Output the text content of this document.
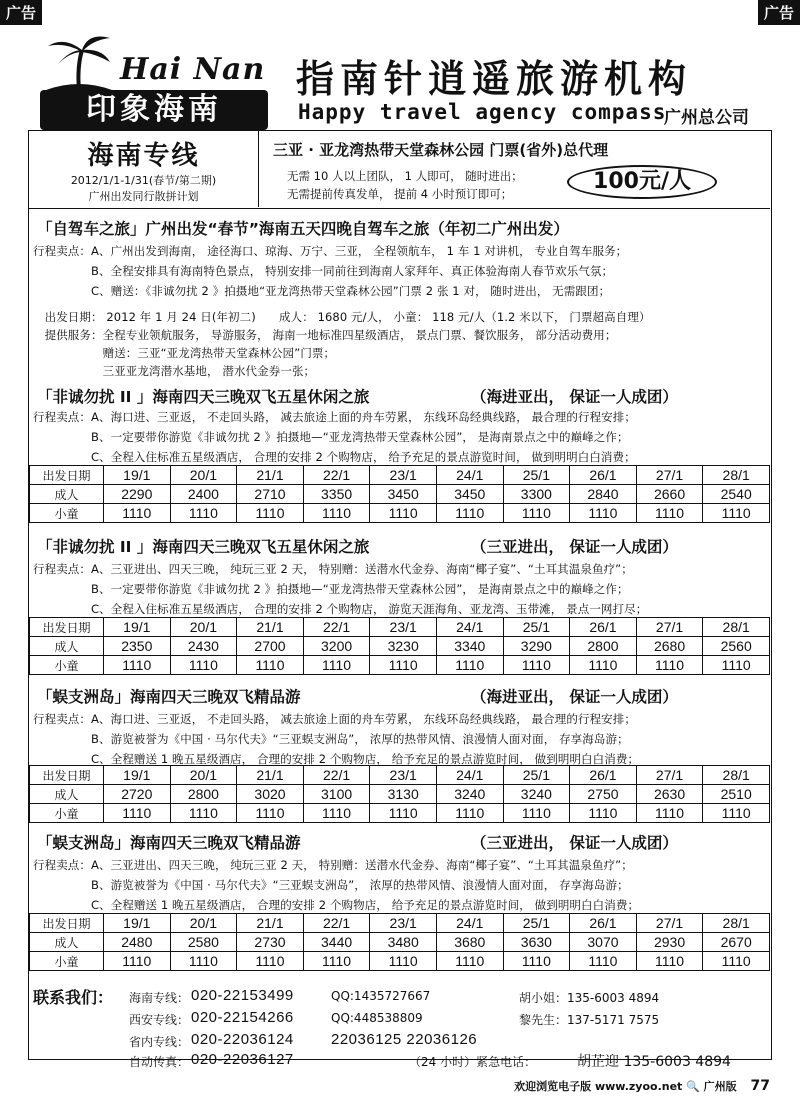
广告	广告
Hai Nan
印象海南
指南针逍遥旅游机构
Happy travel agency compass
广州总公司
海南专线
2012/1/1-1/31(春节/第二期)
广州出发同行散拼计划
三亚 · 亚龙湾热带天堂森林公园 门票(省外)总代理
无需 10 人以上团队， 1 人即可， 随时进出；
无需提前传真发单， 提前 4 小时预订即可；	100元/人
「自驾车之旅」广州出发“春节”海南五天四晚自驾车之旅（年初二广州出发）
行程卖点：A、广州出发到海南， 途径海口、琼海、万宁、三亚， 全程领航车， 1 车 1 对讲机， 专业自驾车服务；
　　　　　B、全程安排具有海南特色景点， 特别安排一同前往到海南人家拜年、真正体验海南人春节欢乐气氛；
　　　　　C、赠送：《非诚勿扰 2 》拍摄地“亚龙湾热带天堂森林公园”门票 2 张 1 对， 随时进出， 无需跟团；
　出发日期： 2012 年 1 月 24 日(年初二)　　成人： 1680 元/人， 小童： 118 元/人（1.2 米以下， 门票超高自理）
　提供服务：全程专业领航服务， 导游服务， 海南一地标准四星级酒店， 景点门票、餐饮服务， 部分活动费用；
　　　　　　赠送：三亚“亚龙湾热带天堂森林公园”门票；
　　　　　　三亚亚龙湾潜水基地， 潜水代金券一张；
「非诚勿扰 II 」海南四天三晚双飞五星休闲之旅	（海进亚出， 保证一人成团）
行程卖点：A、海口进、三亚返， 不走回头路， 减去旅途上面的舟车劳累， 东线环岛经典线路， 最合理的行程安排；
　　　　　B、一定要带你游览《非诚勿扰 2 》拍摄地—“亚龙湾热带天堂森林公园”， 是海南景点之中的巅峰之作；
　　　　　C、全程入住标准五星级酒店， 合理的安排 2 个购物店， 给予充足的景点游览时间， 做到明明白白消费；
出发日期	19/1	20/1	21/1	22/1	23/1	24/1	25/1	26/1	27/1	28/1
成人	2290	2400	2710	3350	3450	3450	3300	2840	2660	2540
小童	1110	1110	1110	1110	1110	1110	1110	1110	1110	1110
「非诚勿扰 II 」海南四天三晚双飞五星休闲之旅	（三亚进出， 保证一人成团）
行程卖点：A、三亚进出、四天三晚， 纯玩三亚 2 天， 特别赠：送潜水代金券、海南“椰子宴”、“土耳其温泉鱼疗”；
　　　　　B、一定要带你游览《非诚勿扰 2 》拍摄地—“亚龙湾热带天堂森林公园”， 是海南景点之中的巅峰之作；
　　　　　C、全程入住标准五星级酒店， 合理的安排 2 个购物店， 游览天涯海角、亚龙湾、玉带滩， 景点一网打尽；
出发日期	19/1	20/1	21/1	22/1	23/1	24/1	25/1	26/1	27/1	28/1
成人	2350	2430	2700	3200	3230	3340	3290	2800	2680	2560
小童	1110	1110	1110	1110	1110	1110	1110	1110	1110	1110
「蜈支洲岛」海南四天三晚双飞精品游	（海进亚出， 保证一人成团）
行程卖点：A、海口进、三亚返， 不走回头路， 减去旅途上面的舟车劳累， 东线环岛经典线路， 最合理的行程安排；
　　　　　B、游览被誉为《中国 · 马尔代夫》“三亚蜈支洲岛”， 浓厚的热带风情、浪漫情人面对面， 存享海岛游；
　　　　　C、全程赠送 1 晚五星级酒店， 合理的安排 2 个购物店， 给予充足的景点游览时间， 做到明明白白消费；
出发日期	19/1	20/1	21/1	22/1	23/1	24/1	25/1	26/1	27/1	28/1
成人	2720	2800	3020	3100	3130	3240	3240	2750	2630	2510
小童	1110	1110	1110	1110	1110	1110	1110	1110	1110	1110
「蜈支洲岛」海南四天三晚双飞精品游	（三亚进出， 保证一人成团）
行程卖点：A、三亚进出、四天三晚， 纯玩三亚 2 天， 特别赠：送潜水代金券、海南“椰子宴”、“土耳其温泉鱼疗”；
　　　　　B、游览被誉为《中国 · 马尔代夫》“三亚蜈支洲岛”， 浓厚的热带风情、浪漫情人面对面， 存享海岛游；
　　　　　C、全程赠送 1 晚五星级酒店， 合理的安排 2 个购物店， 给予充足的景点游览时间， 做到明明白白消费；
出发日期	19/1	20/1	21/1	22/1	23/1	24/1	25/1	26/1	27/1	28/1
成人	2480	2580	2730	3440	3480	3680	3630	3070	2930	2670
小童	1110	1110	1110	1110	1110	1110	1110	1110	1110	1110
联系我们： 海南专线： 020-22153499	QQ:1435727667	胡小姐：135-6003 4894
西安专线： 020-22154266	QQ:448538809	黎先生：137-5171 7575
省内专线： 020-22036124 22036125 22036126
自动传真： 020-22036127	（24 小时）紧急电话：	胡芷迎 135-6003 4894
欢迎浏览电子版 www.zyoo.net 🔍 广州版 77
